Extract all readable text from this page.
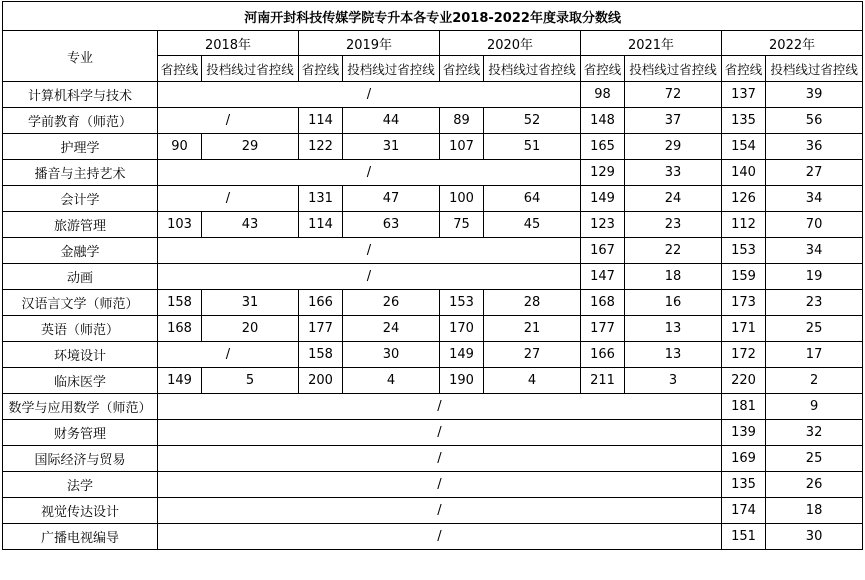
河南开封科技传媒学院专升本各专业2018-2022年度录取分数线											
专业	2018年		2019年		2020年		2021年		2022年		
	省控线	投档线过省控线	省控线	投档线过省控线	省控线	投档线过省控线	省控线	投档线过省控线	省控线	投档线过省控线	
计算机科学与技术	/						98	72	137	39		
学前教育（师范）	/		114	44	89	52	148	37	135	56	
护理学	90	29	122	31	107	51	165	29	154	36	
播音与主持艺术	/						129	33	140	27		
会计学	/		131	47	100	64	149	24	126	34	
旅游管理	103	43	114	63	75	45	123	23	112	70	
金融学	/						167	22	153	34	
动画	/						147	18	159	19	
汉语言文学（师范）	158	31	166	26	153	28	168	16	173	23	
英语（师范）	168	20	177	24	170	21	177	13	171	25	
环境设计	/		158	30	149	27	166	13	172	17	
临床医学	149	5	200	4	190	4	211	3	220	2	
数学与应用数学（师范）	/								181	9	
财务管理	/								139	32	
国际经济与贸易	/								169	25	
法学	/								135	26	
视觉传达设计	/								174	18	
广播电视编导	/								151	30	
